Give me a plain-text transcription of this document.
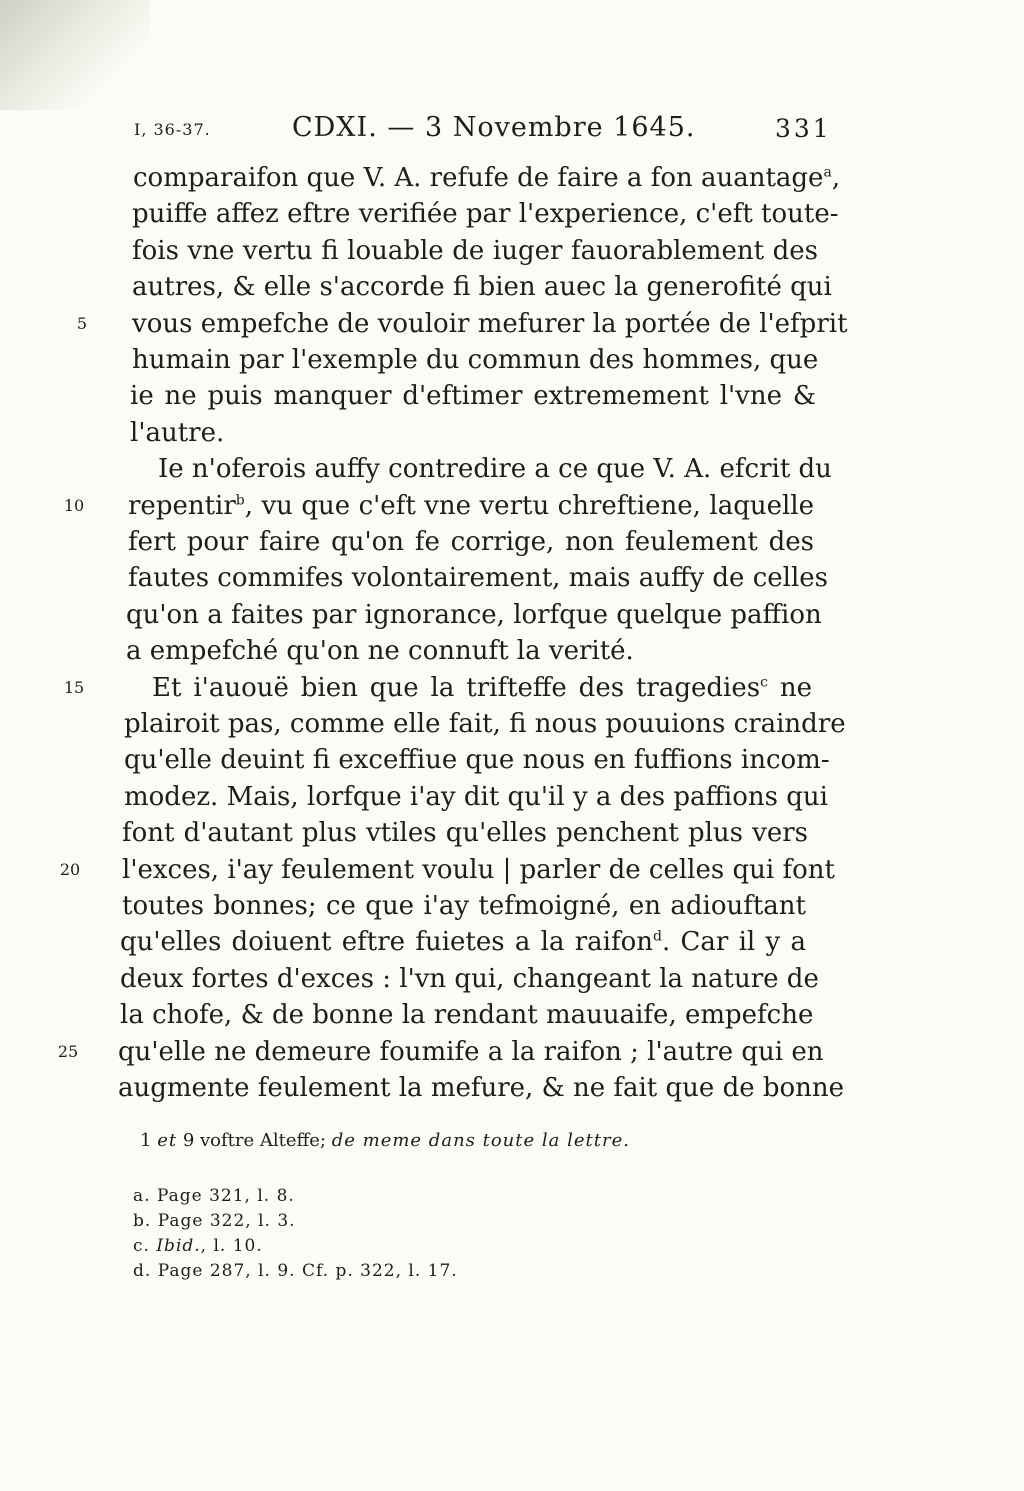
I, 36-37.	CDXI. — 3 Novembre 1645.	331
comparaifon que V. A. refufe de faire a fon auantage$^a$,
puiffe affez eftre verifiée par l'experience, c'eft toute-
fois vne vertu fi louable de iuger fauorablement des
autres, & elle s'accorde fi bien auec la generofité qui
vous empefche de vouloir mefurer la portée de l'efprit
5
humain par l'exemple du commun des hommes, que
ie ne puis manquer d'eftimer extremement l'vne &
l'autre.
Ie n'oferois auffy contredire a ce que V. A. efcrit du
repentir$^b$, vu que c'eft vne vertu chreftiene, laquelle
10
fert pour faire qu'on fe corrige, non feulement des
fautes commifes volontairement, mais auffy de celles
qu'on a faites par ignorance, lorfque quelque paffion
a empefché qu'on ne connuft la verité.
Et i'auouë bien que la trifteffe des tragedies$^c$ ne
15
plairoit pas, comme elle fait, fi nous pouuions craindre
qu'elle deuint fi exceffiue que nous en fuffions incom-
modez. Mais, lorfque i'ay dit qu'il y a des paffions qui
font d'autant plus vtiles qu'elles penchent plus vers
l'exces, i'ay feulement voulu | parler de celles qui font
20
toutes bonnes; ce que i'ay tefmoigné, en adiouftant
qu'elles doiuent eftre fuietes a la raifon$^d$. Car il y a
deux fortes d'exces : l'vn qui, changeant la nature de
la chofe, & de bonne la rendant mauuaife, empefche
qu'elle ne demeure foumife a la raifon ; l'autre qui en
25
augmente feulement la mefure, & ne fait que de bonne
1 et 9 voftre Alteffe; de meme dans toute la lettre.
a. Page 321, l. 8.
b. Page 322, l. 3.
c. Ibid., l. 10.
d. Page 287, l. 9. Cf. p. 322, l. 17.
